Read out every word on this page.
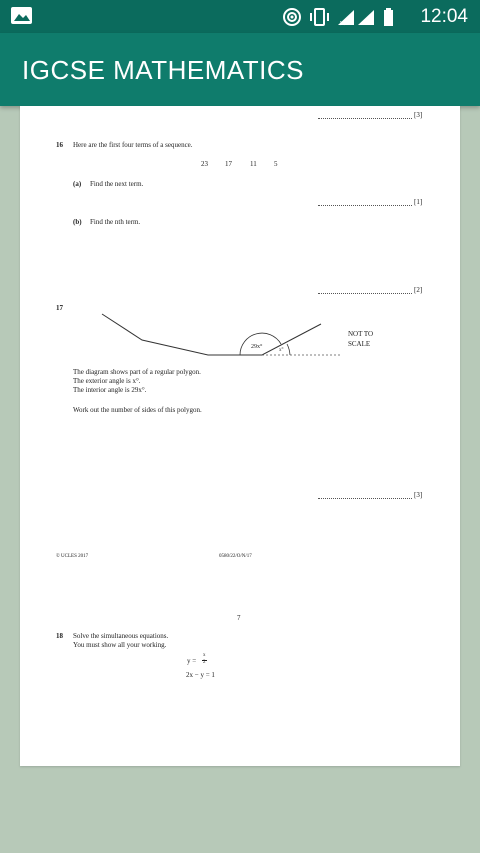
↑↓	12:04
IGCSE MATHEMATICS
[3]
16 Here are the first four terms of a sequence.
23 17	11 5
(a) Find the next term.
[1]
(b) Find the nth term.
[2]
17
29x°
x°
NOT TO
SCALE
The diagram shows part of a regular polygon.
The exterior angle is x°.
The interior angle is 29x°.
Work out the number of sides of this polygon.
[3]
© UCLES 2017	0580/22/O/N/17
7
18 Solve the simultaneous equations.
You must show all your working.
y =
x
2
2x − y = 1
